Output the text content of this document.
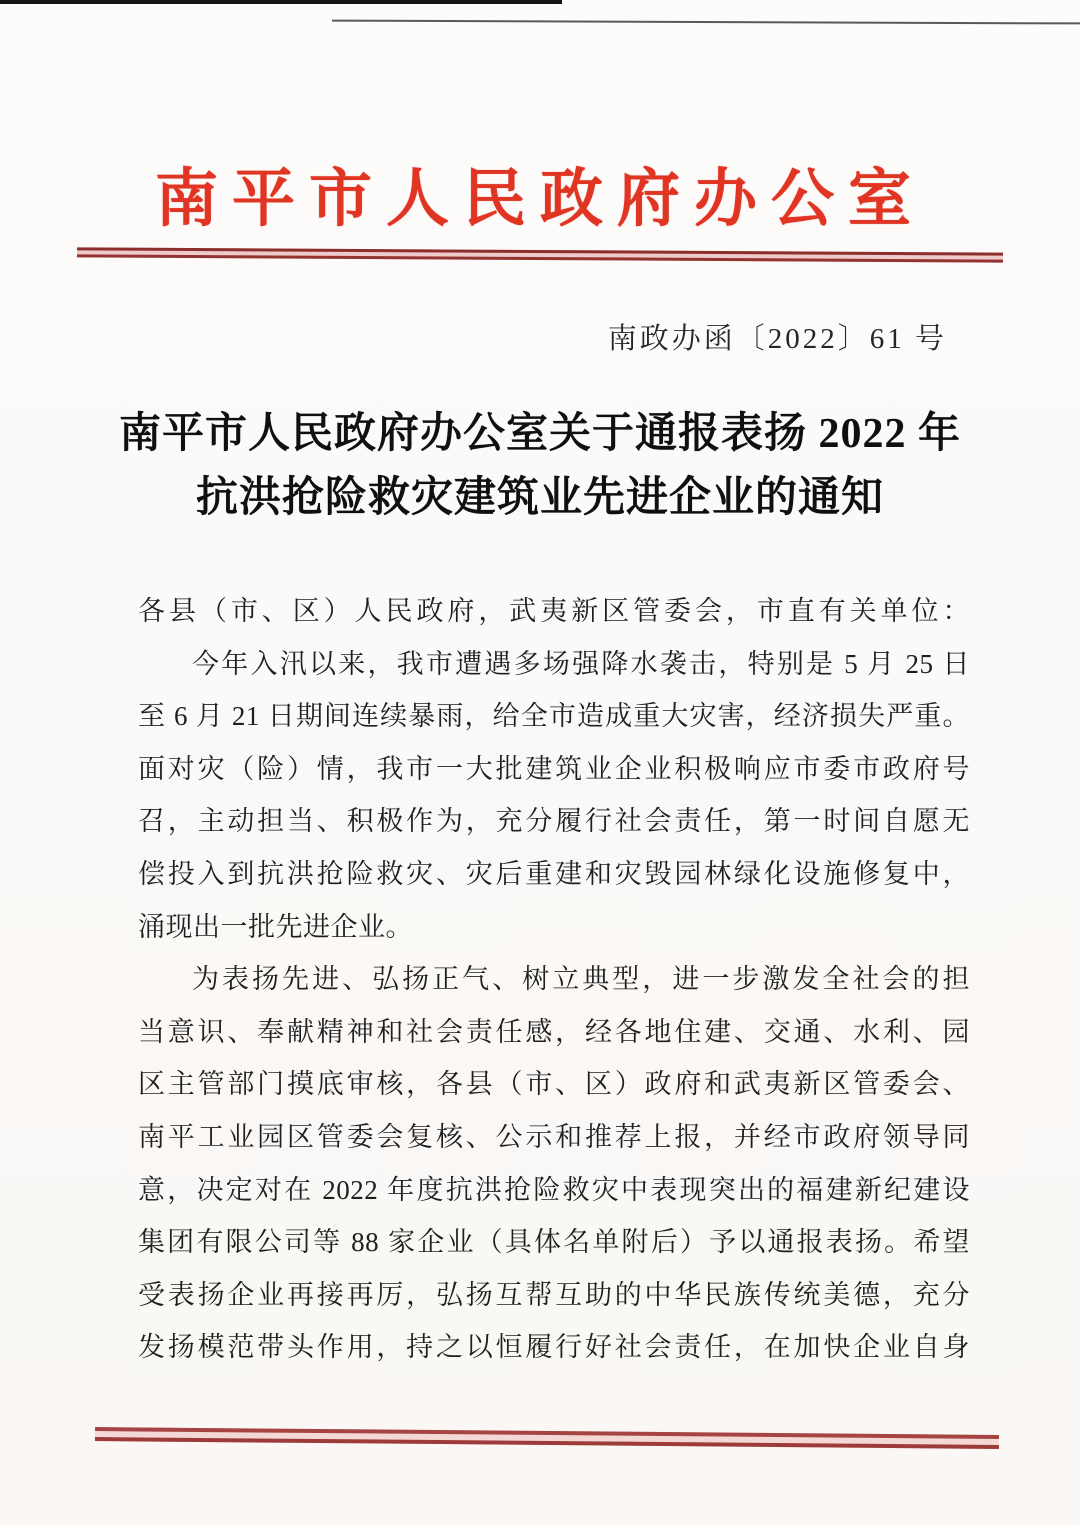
南平市人民政府办公室
南政办函〔2022〕61 号
南平市人民政府办公室关于通报表扬 2022 年
抗洪抢险救灾建筑业先进企业的通知
各县（市、区）人民政府，武夷新区管委会，市直有关单位：
今年入汛以来，我市遭遇多场强降水袭击，特别是 5 月 25 日
至 6 月 21 日期间连续暴雨，给全市造成重大灾害，经济损失严重。
面对灾（险）情，我市一大批建筑业企业积极响应市委市政府号
召，主动担当、积极作为，充分履行社会责任，第一时间自愿无
偿投入到抗洪抢险救灾、灾后重建和灾毁园林绿化设施修复中，
涌现出一批先进企业。
为表扬先进、弘扬正气、树立典型，进一步激发全社会的担
当意识、奉献精神和社会责任感，经各地住建、交通、水利、园
区主管部门摸底审核，各县（市、区）政府和武夷新区管委会、
南平工业园区管委会复核、公示和推荐上报，并经市政府领导同
意，决定对在 2022 年度抗洪抢险救灾中表现突出的福建新纪建设
集团有限公司等 88 家企业（具体名单附后）予以通报表扬。希望
受表扬企业再接再厉，弘扬互帮互助的中华民族传统美德，充分
发扬模范带头作用，持之以恒履行好社会责任，在加快企业自身
